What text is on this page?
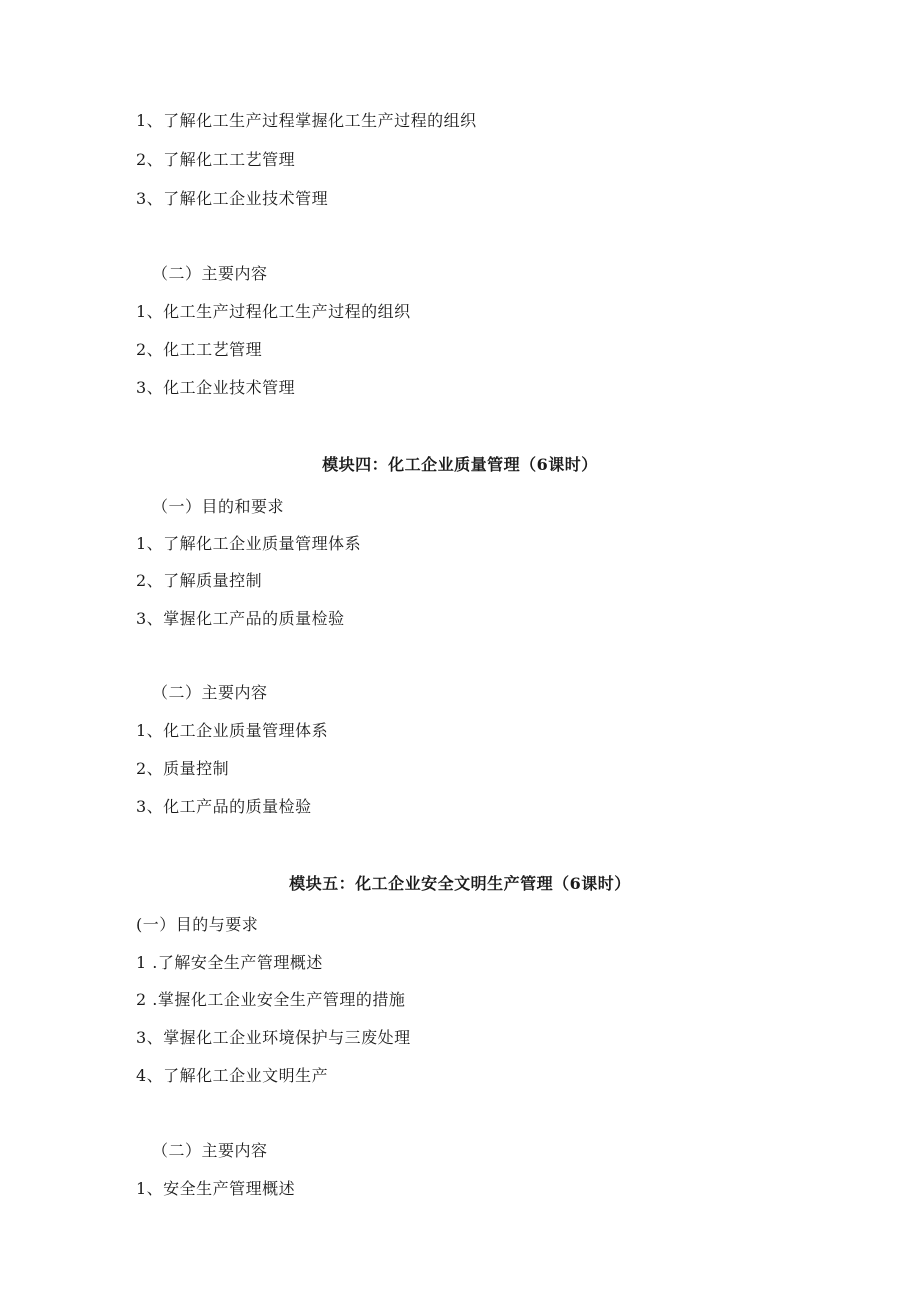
1、了解化工生产过程掌握化工生产过程的组织
2、了解化工工艺管理
3、了解化工企业技术管理
（二）主要内容
1、化工生产过程化工生产过程的组织
2、化工工艺管理
3、化工企业技术管理
模块四：化工企业质量管理（6课时）
（一）目的和要求
1、了解化工企业质量管理体系
2、了解质量控制
3、掌握化工产品的质量检验
（二）主要内容
1、化工企业质量管理体系
2、质量控制
3、化工产品的质量检验
模块五：化工企业安全文明生产管理（6课时）
(一）目的与要求
1 .了解安全生产管理概述
2 .掌握化工企业安全生产管理的措施
3、掌握化工企业环境保护与三废处理
4、了解化工企业文明生产
（二）主要内容
1、安全生产管理概述
